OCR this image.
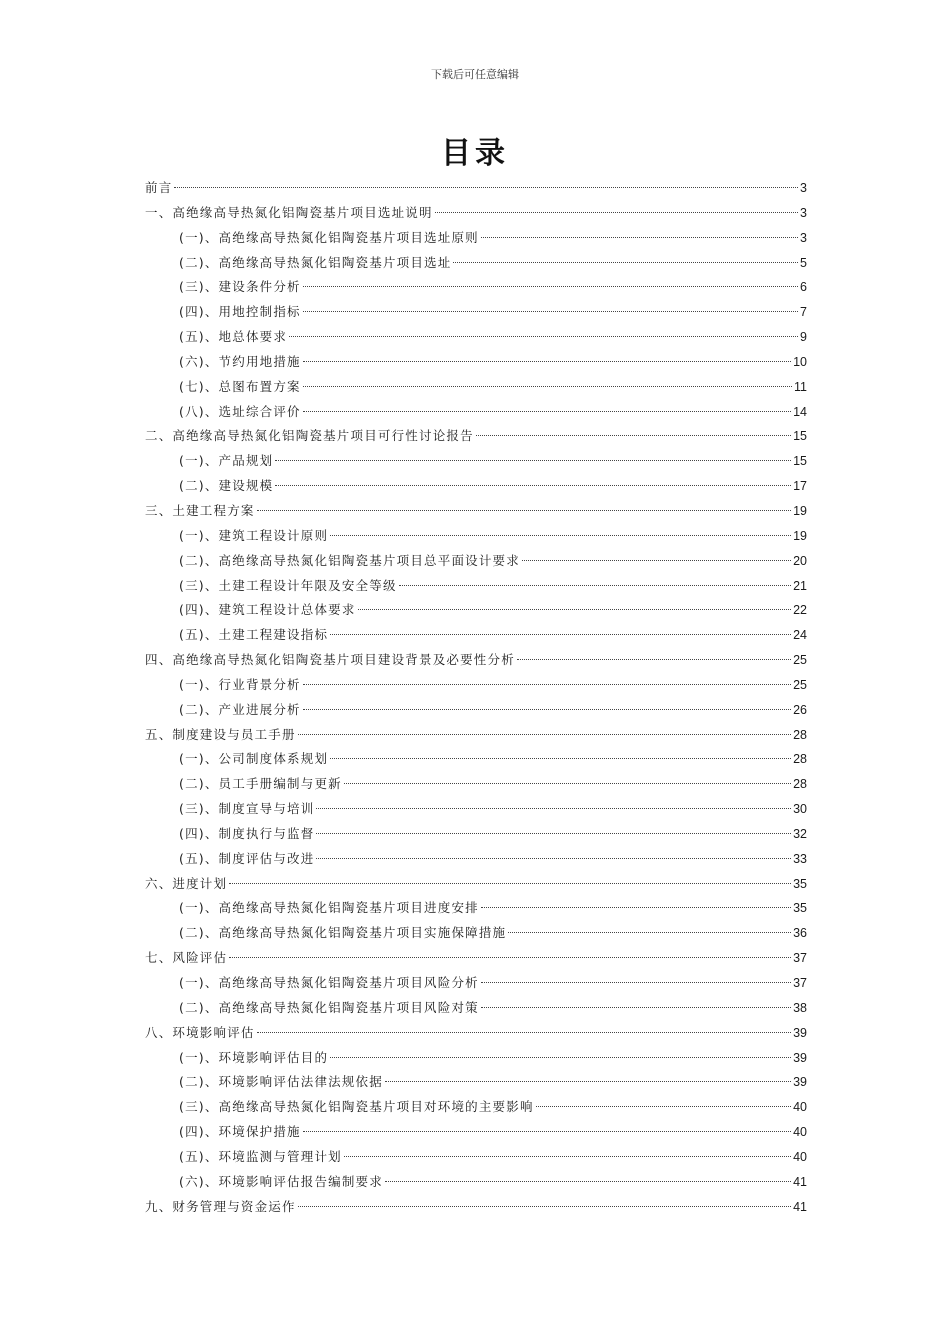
下载后可任意编辑
目录
前言	3
一、高绝缘高导热氮化铝陶瓷基片项目选址说明	3
(一)、高绝缘高导热氮化铝陶瓷基片项目选址原则	3
(二)、高绝缘高导热氮化铝陶瓷基片项目选址	5
(三)、建设条件分析	6
(四)、用地控制指标	7
(五)、地总体要求	9
(六)、节约用地措施	10
(七)、总图布置方案	11
(八)、选址综合评价	14
二、高绝缘高导热氮化铝陶瓷基片项目可行性讨论报告	15
(一)、产品规划	15
(二)、建设规模	17
三、土建工程方案	19
(一)、建筑工程设计原则	19
(二)、高绝缘高导热氮化铝陶瓷基片项目总平面设计要求	20
(三)、土建工程设计年限及安全等级	21
(四)、建筑工程设计总体要求	22
(五)、土建工程建设指标	24
四、高绝缘高导热氮化铝陶瓷基片项目建设背景及必要性分析	25
(一)、行业背景分析	25
(二)、产业进展分析	26
五、制度建设与员工手册	28
(一)、公司制度体系规划	28
(二)、员工手册编制与更新	28
(三)、制度宣导与培训	30
(四)、制度执行与监督	32
(五)、制度评估与改进	33
六、进度计划	35
(一)、高绝缘高导热氮化铝陶瓷基片项目进度安排	35
(二)、高绝缘高导热氮化铝陶瓷基片项目实施保障措施	36
七、风险评估	37
(一)、高绝缘高导热氮化铝陶瓷基片项目风险分析	37
(二)、高绝缘高导热氮化铝陶瓷基片项目风险对策	38
八、环境影响评估	39
(一)、环境影响评估目的	39
(二)、环境影响评估法律法规依据	39
(三)、高绝缘高导热氮化铝陶瓷基片项目对环境的主要影响	40
(四)、环境保护措施	40
(五)、环境监测与管理计划	40
(六)、环境影响评估报告编制要求	41
九、财务管理与资金运作	41
